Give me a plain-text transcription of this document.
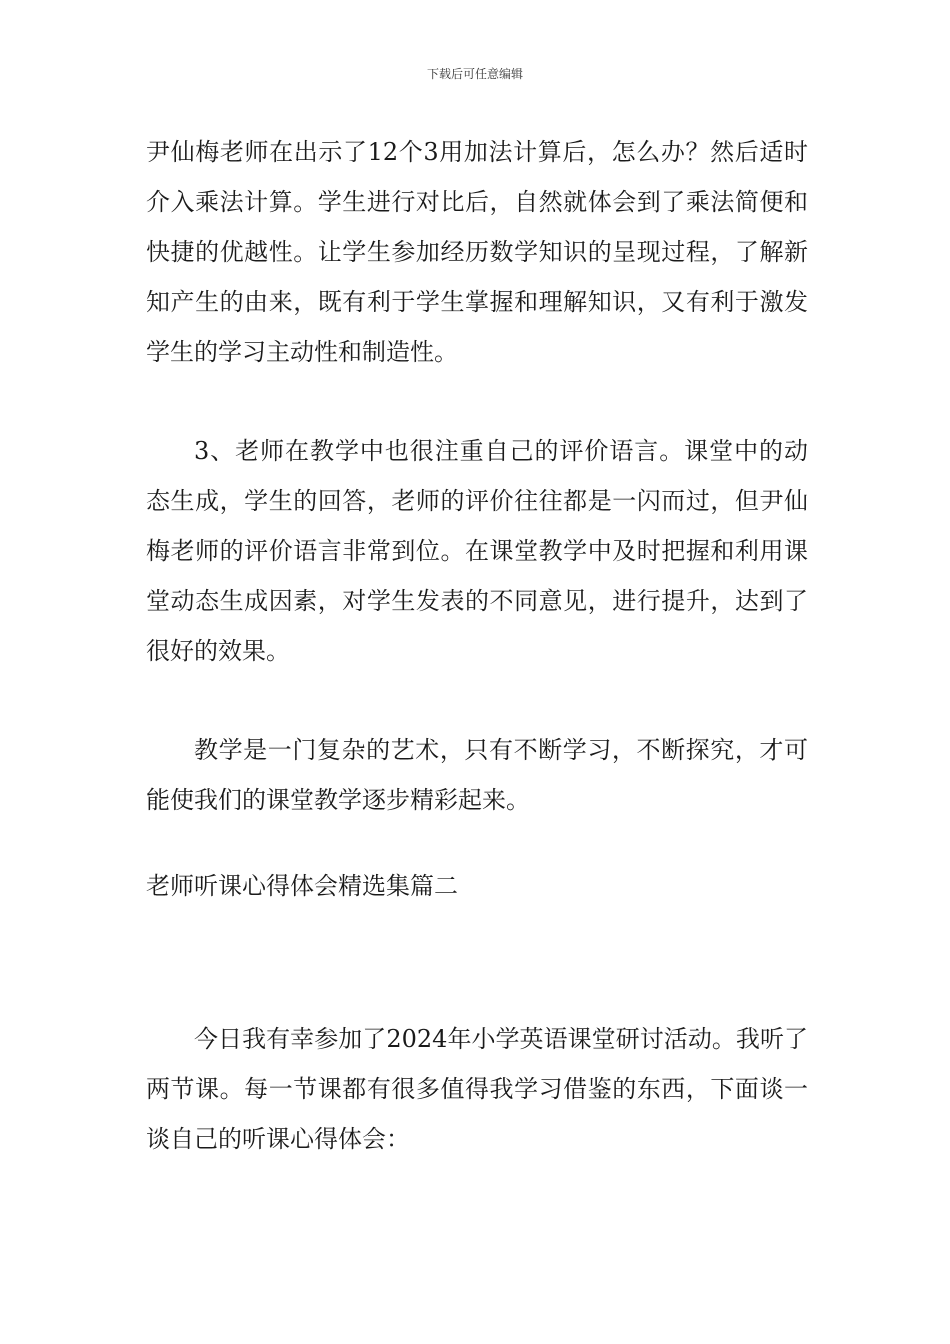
下载后可任意编辑

尹仙梅老师在出示了12个3用加法计算后，怎么办？然后适时介入乘法计算。学生进行对比后，自然就体会到了乘法简便和快捷的优越性。让学生参加经历数学知识的呈现过程，了解新知产生的由来，既有利于学生掌握和理解知识，又有利于激发学生的学习主动性和制造性。

3、老师在教学中也很注重自己的评价语言。课堂中的动态生成，学生的回答，老师的评价往往都是一闪而过，但尹仙梅老师的评价语言非常到位。在课堂教学中及时把握和利用课堂动态生成因素，对学生发表的不同意见，进行提升，达到了很好的效果。

教学是一门复杂的艺术，只有不断学习，不断探究，才可能使我们的课堂教学逐步精彩起来。

老师听课心得体会精选集篇二

今日我有幸参加了2024年小学英语课堂研讨活动。我听了两节课。每一节课都有很多值得我学习借鉴的东西，下面谈一谈自己的听课心得体会：
